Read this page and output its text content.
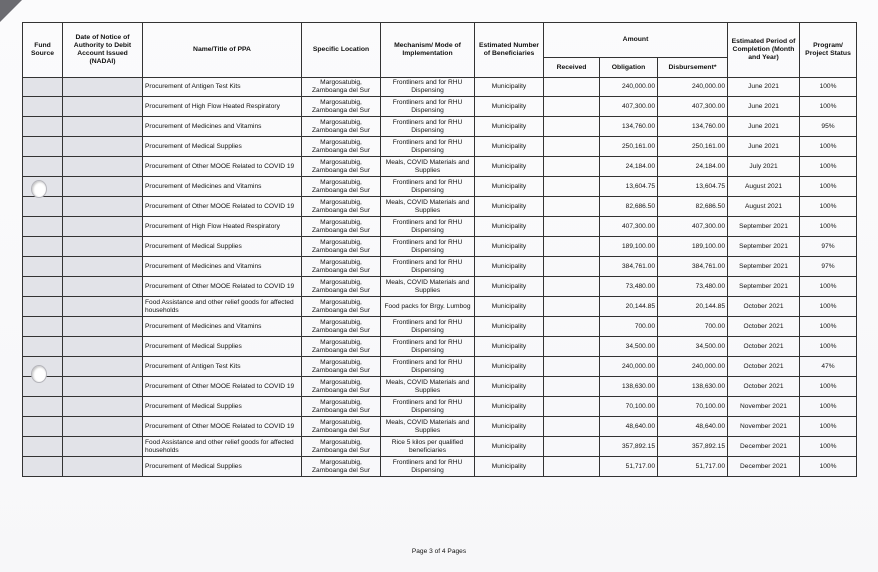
Fund Source	Date of Notice of Authority to Debit Account Issued (NADAI)	Name/Title of PPA	Specific Location	Mechanism/ Mode of Implementation	Estimated Number of Beneficiaries	Amount			Estimated Period of Completion (Month and Year)	Program/ Project Status
						Received	Obligation	Disbursement*		
		Procurement of Antigen Test Kits	Margosatubig, Zamboanga del Sur	Frontliners and for RHU Dispensing	Municipality		240,000.00	240,000.00	June 2021	100%
		Procurement of High Flow Heated Respiratory	Margosatubig, Zamboanga del Sur	Frontliners and for RHU Dispensing	Municipality		407,300.00	407,300.00	June 2021	100%
		Procurement of Medicines and Vitamins	Margosatubig, Zamboanga del Sur	Frontliners and for RHU Dispensing	Municipality		134,760.00	134,760.00	June 2021	95%
		Procurement of Medical Supplies	Margosatubig, Zamboanga del Sur	Frontliners and for RHU Dispensing	Municipality		250,161.00	250,161.00	June 2021	100%
		Procurement of Other MOOE Related to COVID 19	Margosatubig, Zamboanga del Sur	Meals, COVID Materials and Supplies	Municipality		24,184.00	24,184.00	July 2021	100%
		Procurement of Medicines and Vitamins	Margosatubig, Zamboanga del Sur	Frontliners and for RHU Dispensing	Municipality		13,604.75	13,604.75	August 2021	100%
		Procurement of Other MOOE Related to COVID 19	Margosatubig, Zamboanga del Sur	Meals, COVID Materials and Supplies	Municipality		82,686.50	82,686.50	August 2021	100%
		Procurement of High Flow Heated Respiratory	Margosatubig, Zamboanga del Sur	Frontliners and for RHU Dispensing	Municipality		407,300.00	407,300.00	September 2021	100%
		Procurement of Medical Supplies	Margosatubig, Zamboanga del Sur	Frontliners and for RHU Dispensing	Municipality		189,100.00	189,100.00	September 2021	97%
		Procurement of Medicines and Vitamins	Margosatubig, Zamboanga del Sur	Frontliners and for RHU Dispensing	Municipality		384,761.00	384,761.00	September 2021	97%
		Procurement of Other MOOE Related to COVID 19	Margosatubig, Zamboanga del Sur	Meals, COVID Materials and Supplies	Municipality		73,480.00	73,480.00	September 2021	100%
		Food Assistance and other relief goods for affected households	Margosatubig, Zamboanga del Sur	Food packs for Brgy. Lumbog	Municipality		20,144.85	20,144.85	October 2021	100%
		Procurement of Medicines and Vitamins	Margosatubig, Zamboanga del Sur	Frontliners and for RHU Dispensing	Municipality		700.00	700.00	October 2021	100%
		Procurement of Medical Supplies	Margosatubig, Zamboanga del Sur	Frontliners and for RHU Dispensing	Municipality		34,500.00	34,500.00	October 2021	100%
		Procurement of Antigen Test Kits	Margosatubig, Zamboanga del Sur	Frontliners and for RHU Dispensing	Municipality		240,000.00	240,000.00	October 2021	47%
		Procurement of Other MOOE Related to COVID 19	Margosatubig, Zamboanga del Sur	Meals, COVID Materials and Supplies	Municipality		138,630.00	138,630.00	October 2021	100%
		Procurement of Medical Supplies	Margosatubig, Zamboanga del Sur	Frontliners and for RHU Dispensing	Municipality		70,100.00	70,100.00	November 2021	100%
		Procurement of Other MOOE Related to COVID 19	Margosatubig, Zamboanga del Sur	Meals, COVID Materials and Supplies	Municipality		48,640.00	48,640.00	November 2021	100%
		Food Assistance and other relief goods for affected households	Margosatubig, Zamboanga del Sur	Rice 5 kilos per qualified beneficiaries	Municipality		357,892.15	357,892.15	December 2021	100%
		Procurement of Medical Supplies	Margosatubig, Zamboanga del Sur	Frontliners and for RHU Dispensing	Municipality		51,717.00	51,717.00	December 2021	100%
Page 3 of 4 Pages
